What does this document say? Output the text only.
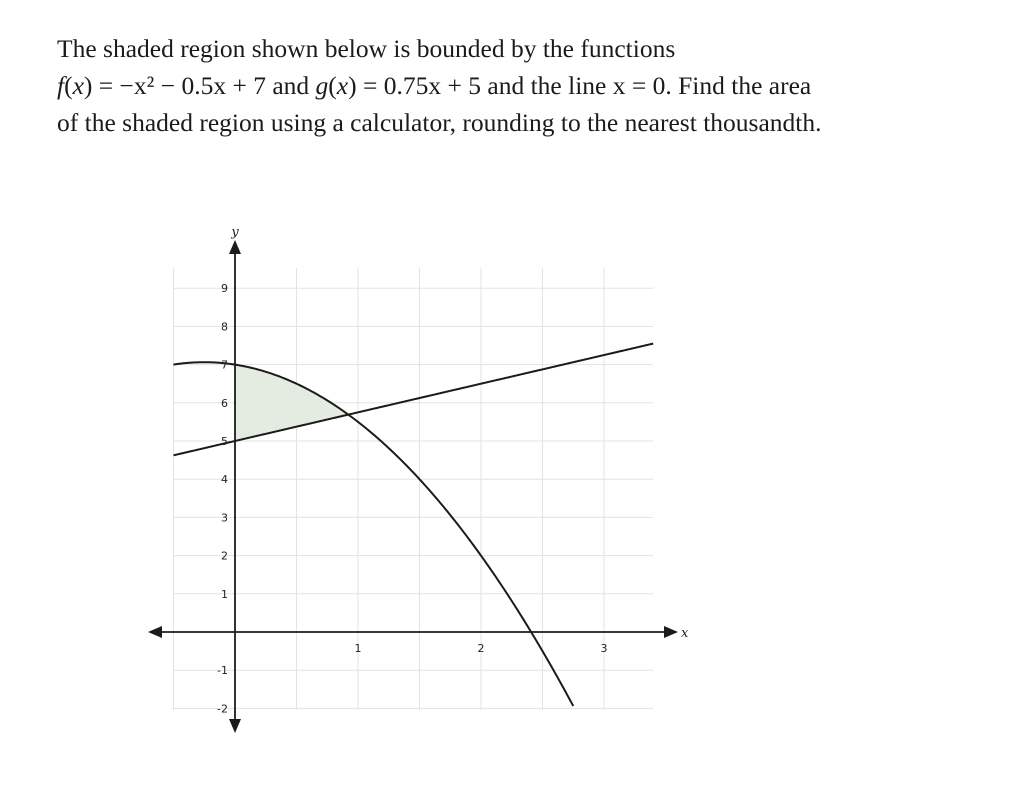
The shaded region shown below is bounded by the functions
f(x) = −x² − 0.5x + 7 and g(x) = 0.75x + 5 and the line x = 0. Find the area
of the shaded region using a calculator, rounding to the nearest thousandth.

1	2	3
9
8
7
6
5
4
3
2
1
-1
-2
x
y
